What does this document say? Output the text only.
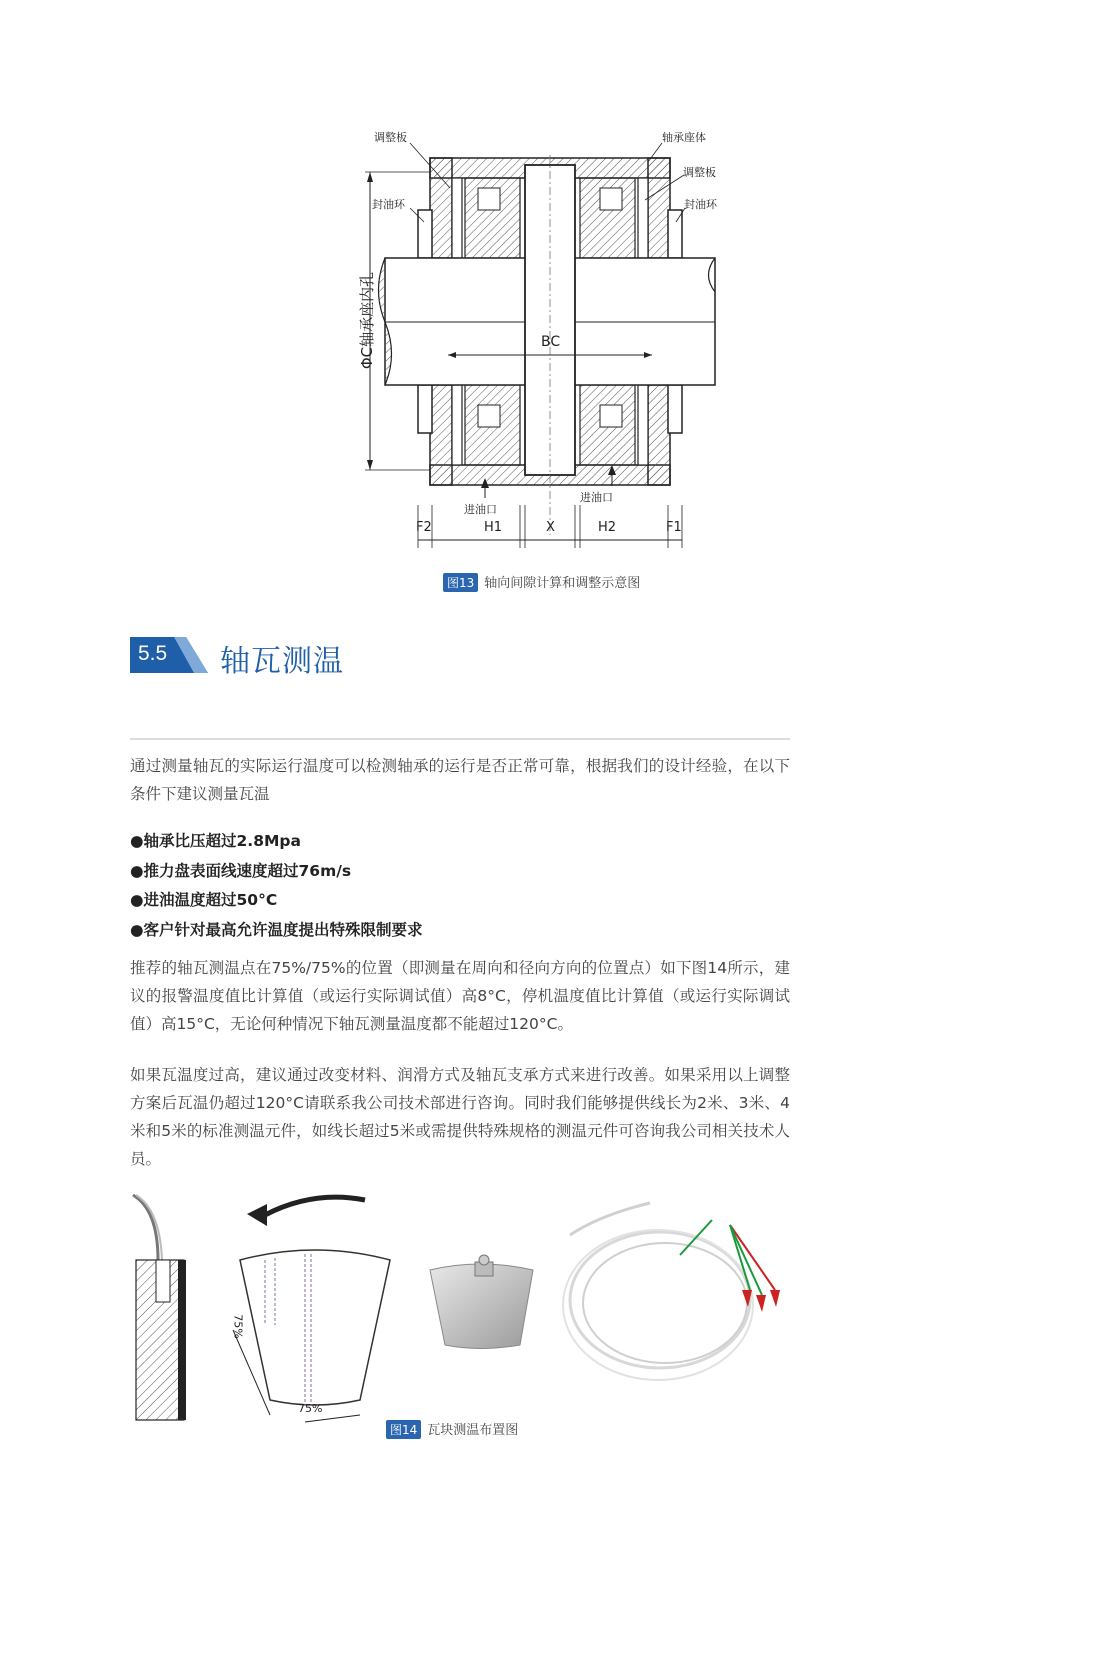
调整板	轴承座体
调整板
封油环	封油环
ΦC轴承座内孔	BC
进油口
进油口
F2	H1	X	H2	F1
图13 轴向间隙计算和调整示意图
5.5 轴瓦测温
通过测量轴瓦的实际运行温度可以检测轴承的运行是否正常可靠，根据我们的设计经验，在以下条件下建议测量瓦温
●轴承比压超过2.8Mpa
●推力盘表面线速度超过76m/s
●进油温度超过50°C
●客户针对最高允许温度提出特殊限制要求
推荐的轴瓦测温点在75%/75%的位置（即测量在周向和径向方向的位置点）如下图14所示，建议的报警温度值比计算值（或运行实际调试值）高8°C，停机温度值比计算值（或运行实际调试值）高15°C，无论何种情况下轴瓦测量温度都不能超过120°C。
如果瓦温度过高，建议通过改变材料、润滑方式及轴瓦支承方式来进行改善。如果采用以上调整方案后瓦温仍超过120°C请联系我公司技术部进行咨询。同时我们能够提供线长为2米、3米、4米和5米的标准测温元件，如线长超过5米或需提供特殊规格的测温元件可咨询我公司相关技术人员。
75%
75%
图14 瓦块测温布置图
